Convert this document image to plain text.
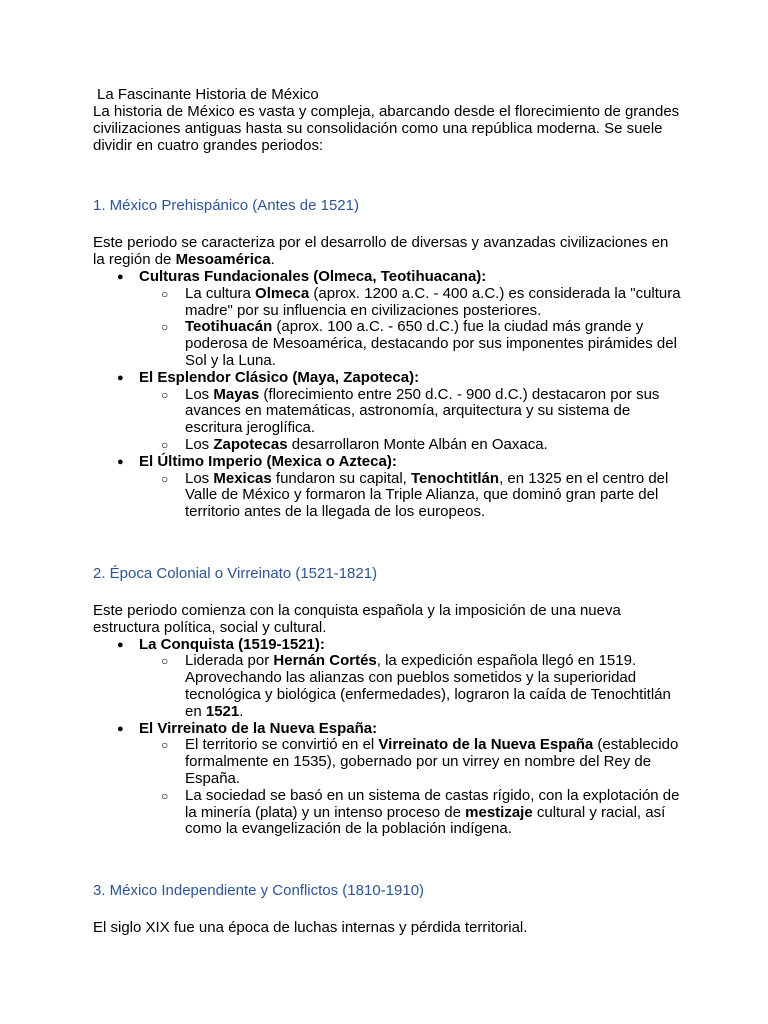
La Fascinante Historia de México

La historia de México es vasta y compleja, abarcando desde el florecimiento de grandes civilizaciones antiguas hasta su consolidación como una república moderna. Se suele dividir en cuatro grandes periodos:

1. México Prehispánico (Antes de 1521)

Este periodo se caracteriza por el desarrollo de diversas y avanzadas civilizaciones en la región de Mesoamérica.

● Culturas Fundacionales (Olmeca, Teotihuacana):
○ La cultura Olmeca (aprox. 1200 a.C. - 400 a.C.) es considerada la "cultura madre" por su influencia en civilizaciones posteriores.
○ Teotihuacán (aprox. 100 a.C. - 650 d.C.) fue la ciudad más grande y poderosa de Mesoamérica, destacando por sus imponentes pirámides del Sol y la Luna.
● El Esplendor Clásico (Maya, Zapoteca):
○ Los Mayas (florecimiento entre 250 d.C. - 900 d.C.) destacaron por sus avances en matemáticas, astronomía, arquitectura y su sistema de escritura jeroglífica.
○ Los Zapotecas desarrollaron Monte Albán en Oaxaca.
● El Último Imperio (Mexica o Azteca):
○ Los Mexicas fundaron su capital, Tenochtitlán, en 1325 en el centro del Valle de México y formaron la Triple Alianza, que dominó gran parte del territorio antes de la llegada de los europeos.
2. Época Colonial o Virreinato (1521-1821)

Este periodo comienza con la conquista española y la imposición de una nueva estructura política, social y cultural.

● La Conquista (1519-1521):
○ Liderada por Hernán Cortés, la expedición española llegó en 1519. Aprovechando las alianzas con pueblos sometidos y la superioridad tecnológica y biológica (enfermedades), lograron la caída de Tenochtitlán en 1521.
● El Virreinato de la Nueva España:
○ El territorio se convirtió en el Virreinato de la Nueva España (establecido formalmente en 1535), gobernado por un virrey en nombre del Rey de España.
○ La sociedad se basó en un sistema de castas rígido, con la explotación de la minería (plata) y un intenso proceso de mestizaje cultural y racial, así como la evangelización de la población indígena.
3. México Independiente y Conflictos (1810-1910)

El siglo XIX fue una época de luchas internas y pérdida territorial.
